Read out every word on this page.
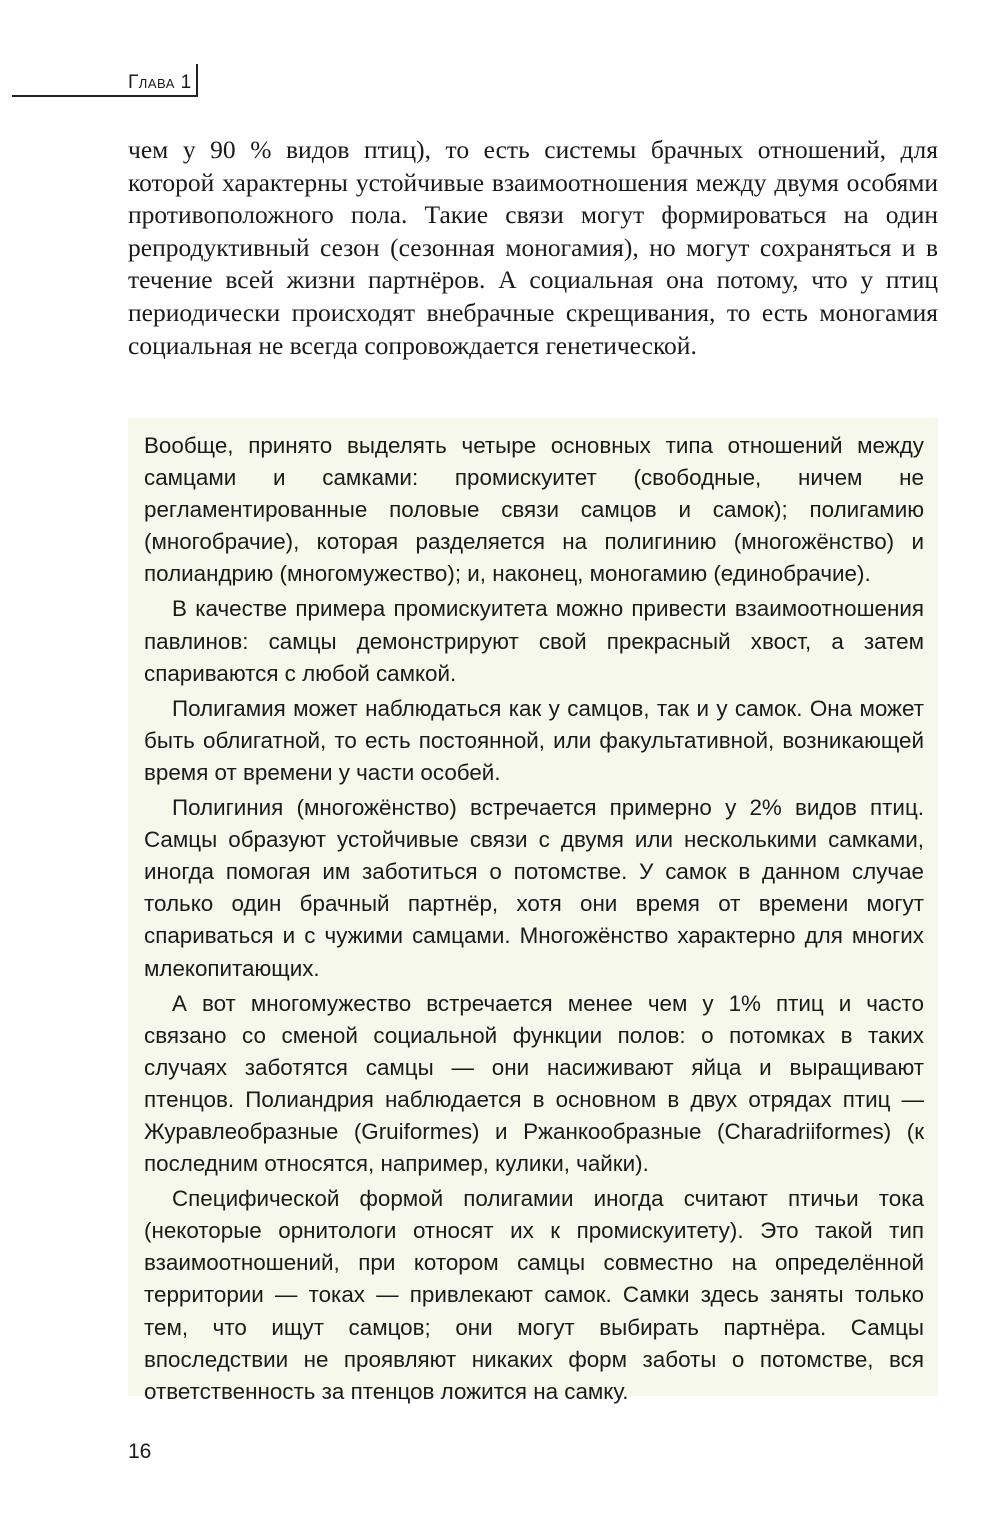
Глава 1

чем у 90 % видов птиц), то есть системы брачных отношений, для которой характерны устойчивые взаимоотношения между двумя особями противоположного пола. Такие связи могут формироваться на один репродуктивный сезон (сезонная моногамия), но могут сохраняться и в течение всей жизни партнёров. А социальная она потому, что у птиц периодически происходят внебрачные скрещивания, то есть моногамия социальная не всегда сопровождается генетической.

Вообще, принято выделять четыре основных типа отношений между самцами и самками: промискуитет (свободные, ничем не регламентированные половые связи самцов и самок); полигамию (многобрачие), которая разделяется на полигинию (многожёнство) и полиандрию (многомужество); и, наконец, моногамию (единобрачие).

В качестве примера промискуитета можно привести взаимоотношения павлинов: самцы демонстрируют свой прекрасный хвост, а затем спариваются с любой самкой.

Полигамия может наблюдаться как у самцов, так и у самок. Она может быть облигатной, то есть постоянной, или факультативной, возникающей время от времени у части особей.

Полигиния (многожёнство) встречается примерно у 2% видов птиц. Самцы образуют устойчивые связи с двумя или несколькими самками, иногда помогая им заботиться о потомстве. У самок в данном случае только один брачный партнёр, хотя они время от времени могут спариваться и с чужими самцами. Многожёнство характерно для многих млекопитающих.

А вот многомужество встречается менее чем у 1% птиц и часто связано со сменой социальной функции полов: о потомках в таких случаях заботятся самцы — они насиживают яйца и выращивают птенцов. Полиандрия наблюдается в основном в двух отрядах птиц — Журавлеобразные (Gruiformes) и Ржанкообразные (Charadriiformes) (к последним относятся, например, кулики, чайки).

Специфической формой полигамии иногда считают птичьи тока (некоторые орнитологи относят их к промискуитету). Это такой тип взаимоотношений, при котором самцы совместно на определённой территории — токах — привлекают самок. Самки здесь заняты только тем, что ищут самцов; они могут выбирать партнёра. Самцы впоследствии не проявляют никаких форм заботы о потомстве, вся ответственность за птенцов ложится на самку.

16
